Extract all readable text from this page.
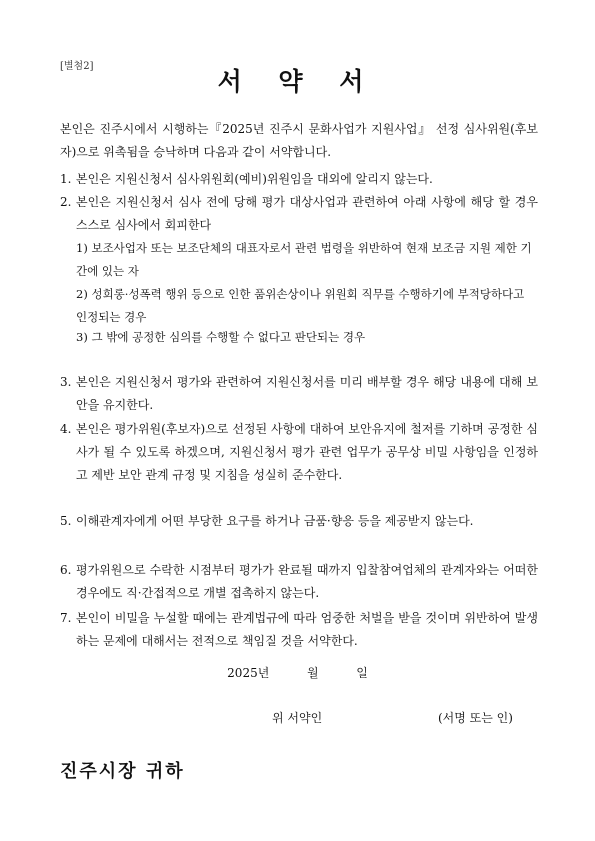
[별첨2]
서 약 서
본인은 진주시에서 시행하는『2025년 진주시 문화사업가 지원사업』 선정 심사위원(후보자)으로 위촉됨을 승낙하며 다음과 같이 서약합니다.
1. 본인은 지원신청서 심사위원회(예비)위원임을 대외에 알리지 않는다.
2. 본인은 지원신청서 심사 전에 당해 평가 대상사업과 관련하여 아래 사항에 해당 할 경우 스스로 심사에서 회피한다
1) 보조사업자 또는 보조단체의 대표자로서 관련 법령을 위반하여 현재 보조금 지원 제한 기간에 있는 자
2) 성희롱·성폭력 행위 등으로 인한 품위손상이나 위원회 직무를 수행하기에 부적당하다고 인정되는 경우
3) 그 밖에 공정한 심의를 수행할 수 없다고 판단되는 경우
3. 본인은 지원신청서 평가와 관련하여 지원신청서를 미리 배부할 경우 해당 내용에 대해 보안을 유지한다.
4. 본인은 평가위원(후보자)으로 선정된 사항에 대하여 보안유지에 철저를 기하며 공정한 심사가 될 수 있도록 하겠으며, 지원신청서 평가 관련 업무가 공무상 비밀 사항임을 인정하고 제반 보안 관계 규정 및 지침을 성실히 준수한다.
5. 이해관계자에게 어떤 부당한 요구를 하거나 금품·향응 등을 제공받지 않는다.
6. 평가위원으로 수락한 시점부터 평가가 완료될 때까지 입찰참여업체의 관계자와는 어떠한 경우에도 직·간접적으로 개별 접촉하지 않는다.
7. 본인이 비밀을 누설할 때에는 관계법규에 따라 엄중한 처벌을 받을 것이며 위반하여 발생하는 문제에 대해서는 전적으로 책임질 것을 서약한다.
2025년	월	일
위 서약인	(서명 또는 인)
진주시장 귀하
